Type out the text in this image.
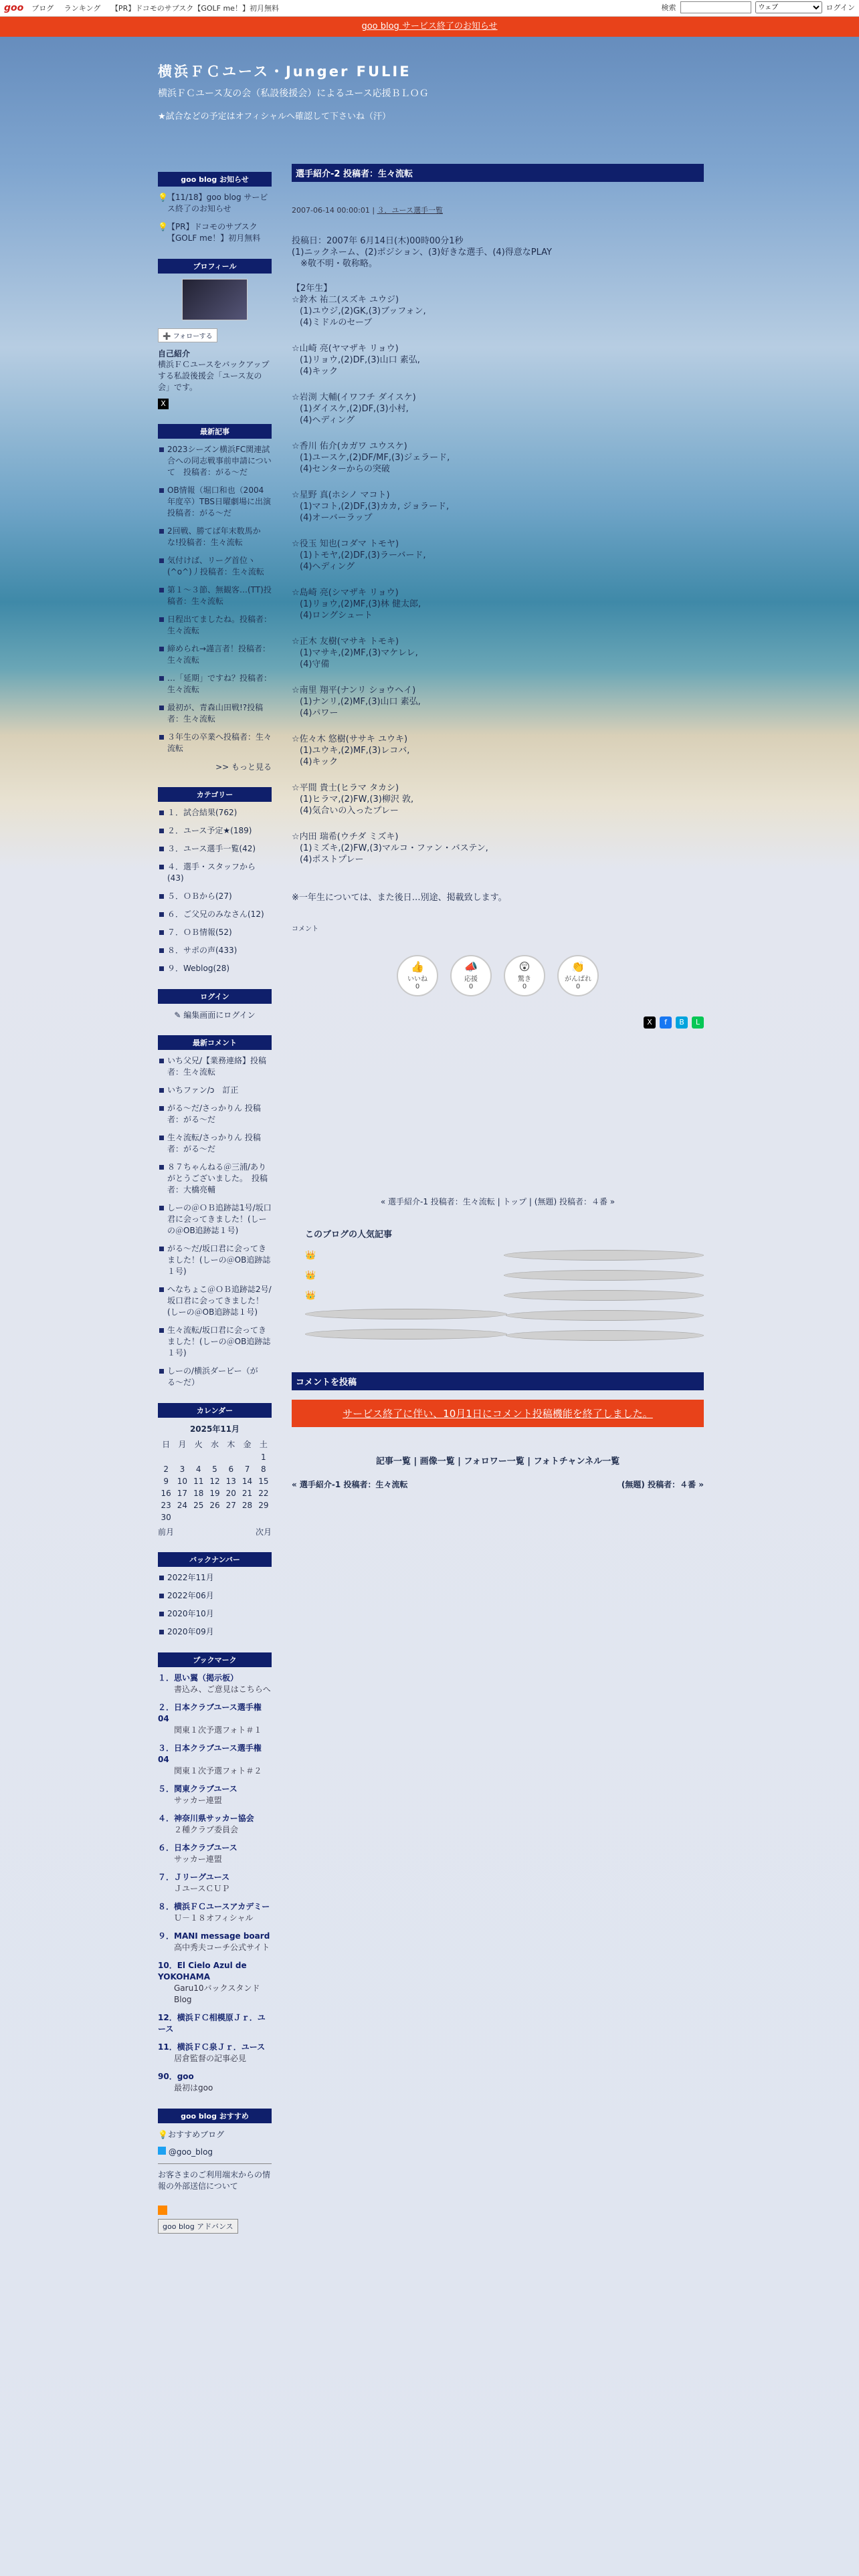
goo ブログ ランキング 【PR】ドコモのサブスク【GOLF me！】初月無料	検索
ウェブ	ログイン
goo blog サービス終了のお知らせ
横浜ＦＣユース・Junger FULIE
横浜ＦＣユース友の会（私設後援会）によるユース応援ＢＬＯＧ
★試合などの予定はオフィシャルへ確認して下さいね（汗）
goo blog お知らせ
💡 【11/18】goo blog サービス終了のお知らせ
💡 【PR】ドコモのサブスク【GOLF me！】初月無料
プロフィール
➕ フォローする
自己紹介
横浜ＦＣユースをバックアップする私設後援会「ユース友の会」です。
X
最新記事
2023シーズン横浜FC関連試合への同志戦事前申請について　投稿者：がる〜だ
OB情報（堀口和也（2004年度卒）TBS日曜劇場に出演　投稿者：がる〜だ
2回戦、勝てば年末数馬かな!投稿者：生々流転
気付けば、リーグ首位ヽ(^o^)丿投稿者：生々流転
第１～３節、無観客…(TT)投稿者：生々流転
日程出てましたね。投稿者：生々流転
締められ→謹言者！投稿者：生々流転
…「延期」ですね？投稿者：生々流転
最初が、青森山田戦!?投稿者：生々流転
３年生の卒業へ投稿者：生々流転
>> もっと見る
カテゴリー
１．試合結果(762)
２．ユース予定★(189)
３．ユース選手一覧(42)
４．選手・スタッフから(43)
５．ＯＢから(27)
６．ご父兄のみなさん(12)
７．ＯＢ情報(52)
８．サポの声(433)
９．Weblog(28)
ログイン
✎ 編集画面にログイン
最新コメント
いち父兄/【業務連絡】投稿者：生々流転
いちファン/ↄ　訂正
がる〜だ/さっかりん 投稿者：がる〜だ
生々流転/さっかりん 投稿者：がる〜だ
８７ちゃんねる＠三浦/ありがとうございました。　投稿者：大橋亮輔
しーの＠ＯＢ追跡誌1号/坂口君に会ってきました！(しーの＠OB追跡誌１号)
がる〜だ/坂口君に会ってきました！(しーの＠OB追跡誌１号)
へなちょこ＠ＯＢ追跡誌2号/坂口君に会ってきました！(しーの＠OB追跡誌１号)
生々流転/坂口君に会ってきました！(しーの＠OB追跡誌１号)
しーの/横浜ダービー（がる〜だ）
カレンダー
2025年11月
日	月	火	水	木	金	土
						1
2	3	4	5	6	7	8
9	10	11	12	13	14	15
16	17	18	19	20	21	22
23	24	25	26	27	28	29
30						
前月	次月
バックナンバー
2022年11月
2022年06月
2020年10月
2020年09月
ブックマーク
１．思い翼（掲示板）
書込み、ご意見はこちらへ
２．日本クラブユース選手権04
関東１次予選フォト＃１
３．日本クラブユース選手権04
関東１次予選フォト＃２
５．関東クラブユース
サッカー連盟
４．神奈川県サッカー協会
２種クラブ委員会
６．日本クラブユース
サッカー連盟
７．Ｊリーグユース
ＪユースＣＵＰ
８．横浜ＦＣユースアカデミー
Ｕ－１８オフィシャル
９．MANI message board
高中秀夫コーチ公式サイト
10．El Cielo Azul de YOKOHAMA
Garu10バックスタンドBlog
12．横浜ＦＣ相模原Ｊｒ．ユース
11．横浜ＦＣ泉Ｊｒ．ユース
居倉監督の記事必見
90．goo
最初はgoo
goo blog おすすめ
💡おすすめブログ
@goo_blog
お客さまのご利用端末からの情報の外部送信について
goo blog アドバンス
選手紹介-2 投稿者：生々流転
2007-06-14 00:00:01 | ３．ユース選手一覧

投稿日：2007年 6月14日(木)00時00分1秒
(1)ニックネーム、(2)ポジション、(3)好きな選手、(4)得意なPLAY
　※敬不明・敬称略。

【2年生】

☆鈴木 祐二(スズキ ユウジ)
(1)ユウジ,(2)GK,(3)ブッフォン,
(4)ミドルのセーブ
☆山崎 亮(ヤマザキ リョウ)
(1)リョウ,(2)DF,(3)山口 素弘,
(4)キック
☆岩渕 大輔(イワフチ ダイスケ)
(1)ダイスケ,(2)DF,(3)小村,
(4)ヘディング
☆香川 佑介(カガワ ユウスケ)
(1)ユースケ,(2)DF/MF,(3)ジェラード,
(4)センターからの突破
☆星野 真(ホシノ マコト)
(1)マコト,(2)DF,(3)カカ, ジョラード,
(4)オーバーラップ
☆役玉 知也(コダマ トモヤ)
(1)トモヤ,(2)DF,(3)ラーバード,
(4)ヘディング
☆島崎 亮(シマザキ リョウ)
(1)リョウ,(2)MF,(3)林 健太郎,
(4)ロングシュート
☆正木 友樹(マサキ トモキ)
(1)マサキ,(2)MF,(3)マケレレ,
(4)守備
☆南里 翔平(ナンリ ショウヘイ)
(1)ナンリ,(2)MF,(3)山口 素弘,
(4)パワー
☆佐々木 悠樹(ササキ ユウキ)
(1)ユウキ,(2)MF,(3)レコバ,
(4)キック
☆平間 貴士(ヒラマ タカシ)
(1)ヒラマ,(2)FW,(3)柳沢 敦,
(4)気合いの入ったプレー
☆内田 瑞希(ウチダ ミズキ)
(1)ミズキ,(2)FW,(3)マルコ・ファン・バステン,
(4)ポストプレー

※一年生については、また後日…別途、掲載致します。

コメント

👍
いいね
0
📣
応援
0
😲
驚き
0
👏
がんばれ
0
X	f	B	L
« 選手紹介-1 投稿者：生々流転 | トップ | (無題) 投稿者：４番 »
このブログの人気記事
👑
👑
👑
コメントを投稿
サービス終了に伴い、10月1日にコメント投稿機能を終了しました。
記事一覧 | 画像一覧 | フォロワー一覧 | フォトチャンネル一覧
« 選手紹介-1 投稿者：生々流転	(無題) 投稿者：４番 »
